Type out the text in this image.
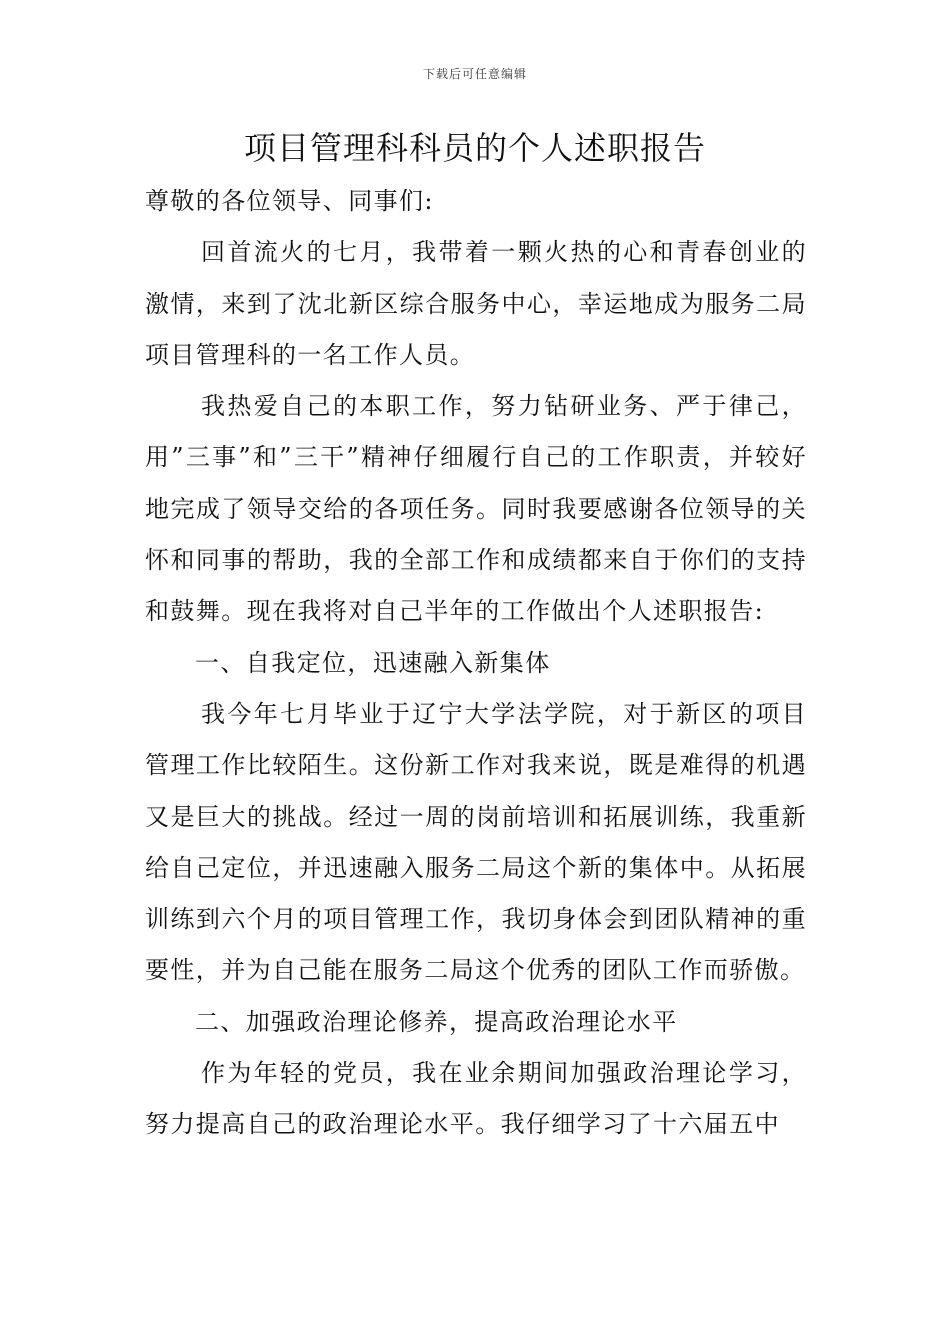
下载后可任意编辑
项目管理科科员的个人述职报告

尊敬的各位领导、同事们:

回首流火的七月，我带着一颗火热的心和青春创业的激情，来到了沈北新区综合服务中心，幸运地成为服务二局项目管理科的一名工作人员。

我热爱自己的本职工作，努力钻研业务、严于律己，用”三事”和”三干”精神仔细履行自己的工作职责，并较好地完成了领导交给的各项任务。同时我要感谢各位领导的关怀和同事的帮助，我的全部工作和成绩都来自于你们的支持和鼓舞。现在我将对自己半年的工作做出个人述职报告:

一、自我定位，迅速融入新集体

我今年七月毕业于辽宁大学法学院，对于新区的项目管理工作比较陌生。这份新工作对我来说，既是难得的机遇又是巨大的挑战。经过一周的岗前培训和拓展训练，我重新给自己定位，并迅速融入服务二局这个新的集体中。从拓展训练到六个月的项目管理工作，我切身体会到团队精神的重要性，并为自己能在服务二局这个优秀的团队工作而骄傲。

二、加强政治理论修养，提高政治理论水平

作为年轻的党员，我在业余期间加强政治理论学习，努力提高自己的政治理论水平。我仔细学习了十六届五中
